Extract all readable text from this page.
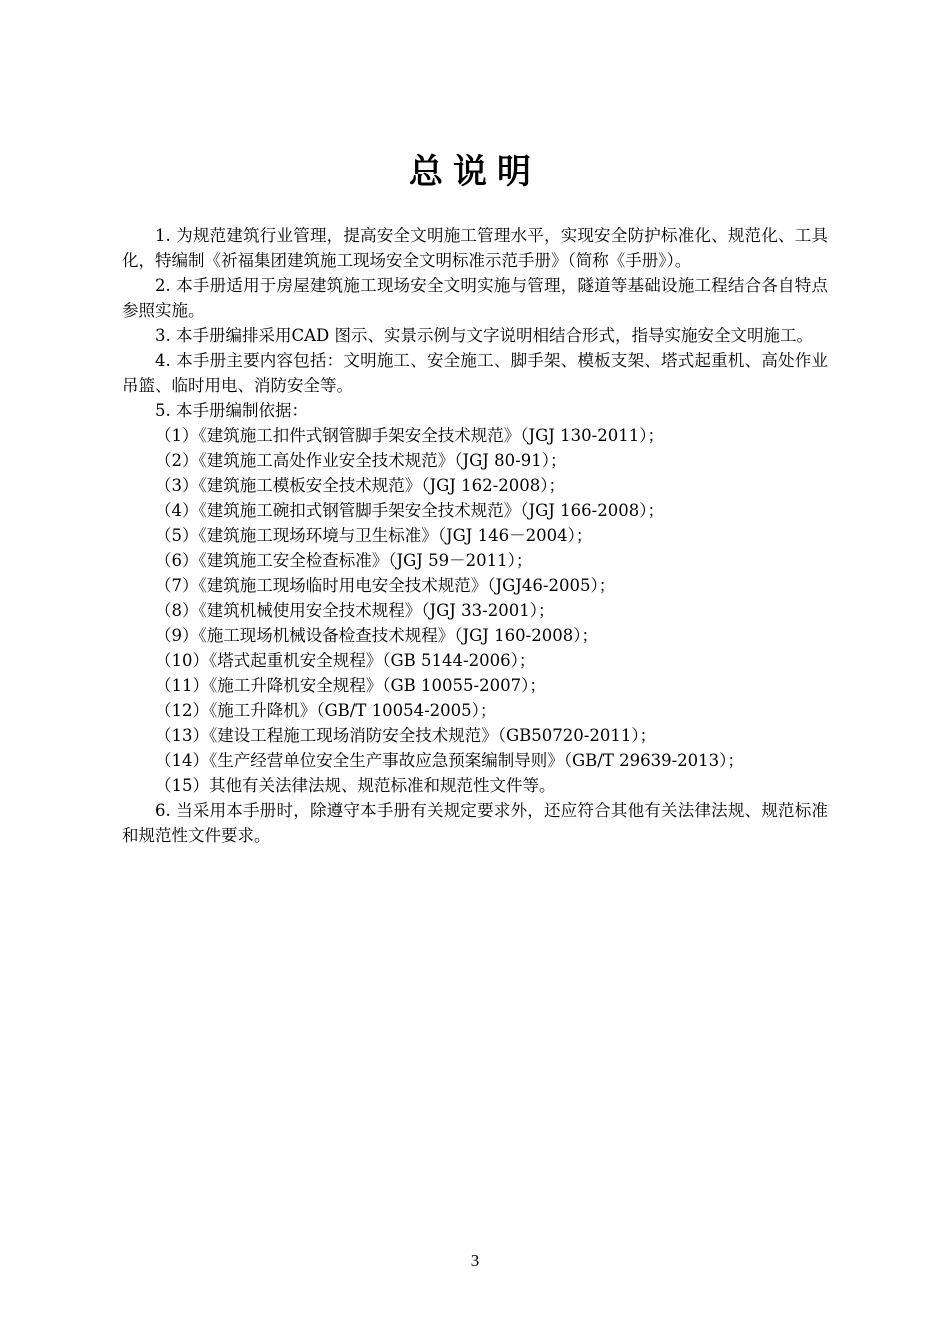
总说明

1. 为规范建筑行业管理，提高安全文明施工管理水平，实现安全防护标准化、规范化、工具化，特编制《祈福集团建筑施工现场安全文明标准示范手册》（简称《手册》）。

2. 本手册适用于房屋建筑施工现场安全文明实施与管理，隧道等基础设施工程结合各自特点参照实施。

3. 本手册编排采用CAD 图示、实景示例与文字说明相结合形式，指导实施安全文明施工。

4. 本手册主要内容包括：文明施工、安全施工、脚手架、模板支架、塔式起重机、高处作业吊篮、临时用电、消防安全等。

5. 本手册编制依据：

（1）《建筑施工扣件式钢管脚手架安全技术规范》（JGJ 130-2011）；

（2）《建筑施工高处作业安全技术规范》（JGJ 80-91）；

（3）《建筑施工模板安全技术规范》（JGJ 162-2008）；

（4）《建筑施工碗扣式钢管脚手架安全技术规范》（JGJ 166-2008）；

（5）《建筑施工现场环境与卫生标准》（JGJ 146－2004）；

（6）《建筑施工安全检查标准》（JGJ 59－2011）；

（7）《建筑施工现场临时用电安全技术规范》（JGJ46-2005）；

（8）《建筑机械使用安全技术规程》（JGJ 33-2001）；

（9）《施工现场机械设备检查技术规程》（JGJ 160-2008）；

（10）《塔式起重机安全规程》（GB 5144-2006）；

（11）《施工升降机安全规程》（GB 10055-2007）；

（12）《施工升降机》（GB/T 10054-2005）；

（13）《建设工程施工现场消防安全技术规范》（GB50720-2011）；

（14）《生产经营单位安全生产事故应急预案编制导则》（GB/T 29639-2013）；

（15）其他有关法律法规、规范标准和规范性文件等。

6. 当采用本手册时，除遵守本手册有关规定要求外，还应符合其他有关法律法规、规范标准和规范性文件要求。

3
